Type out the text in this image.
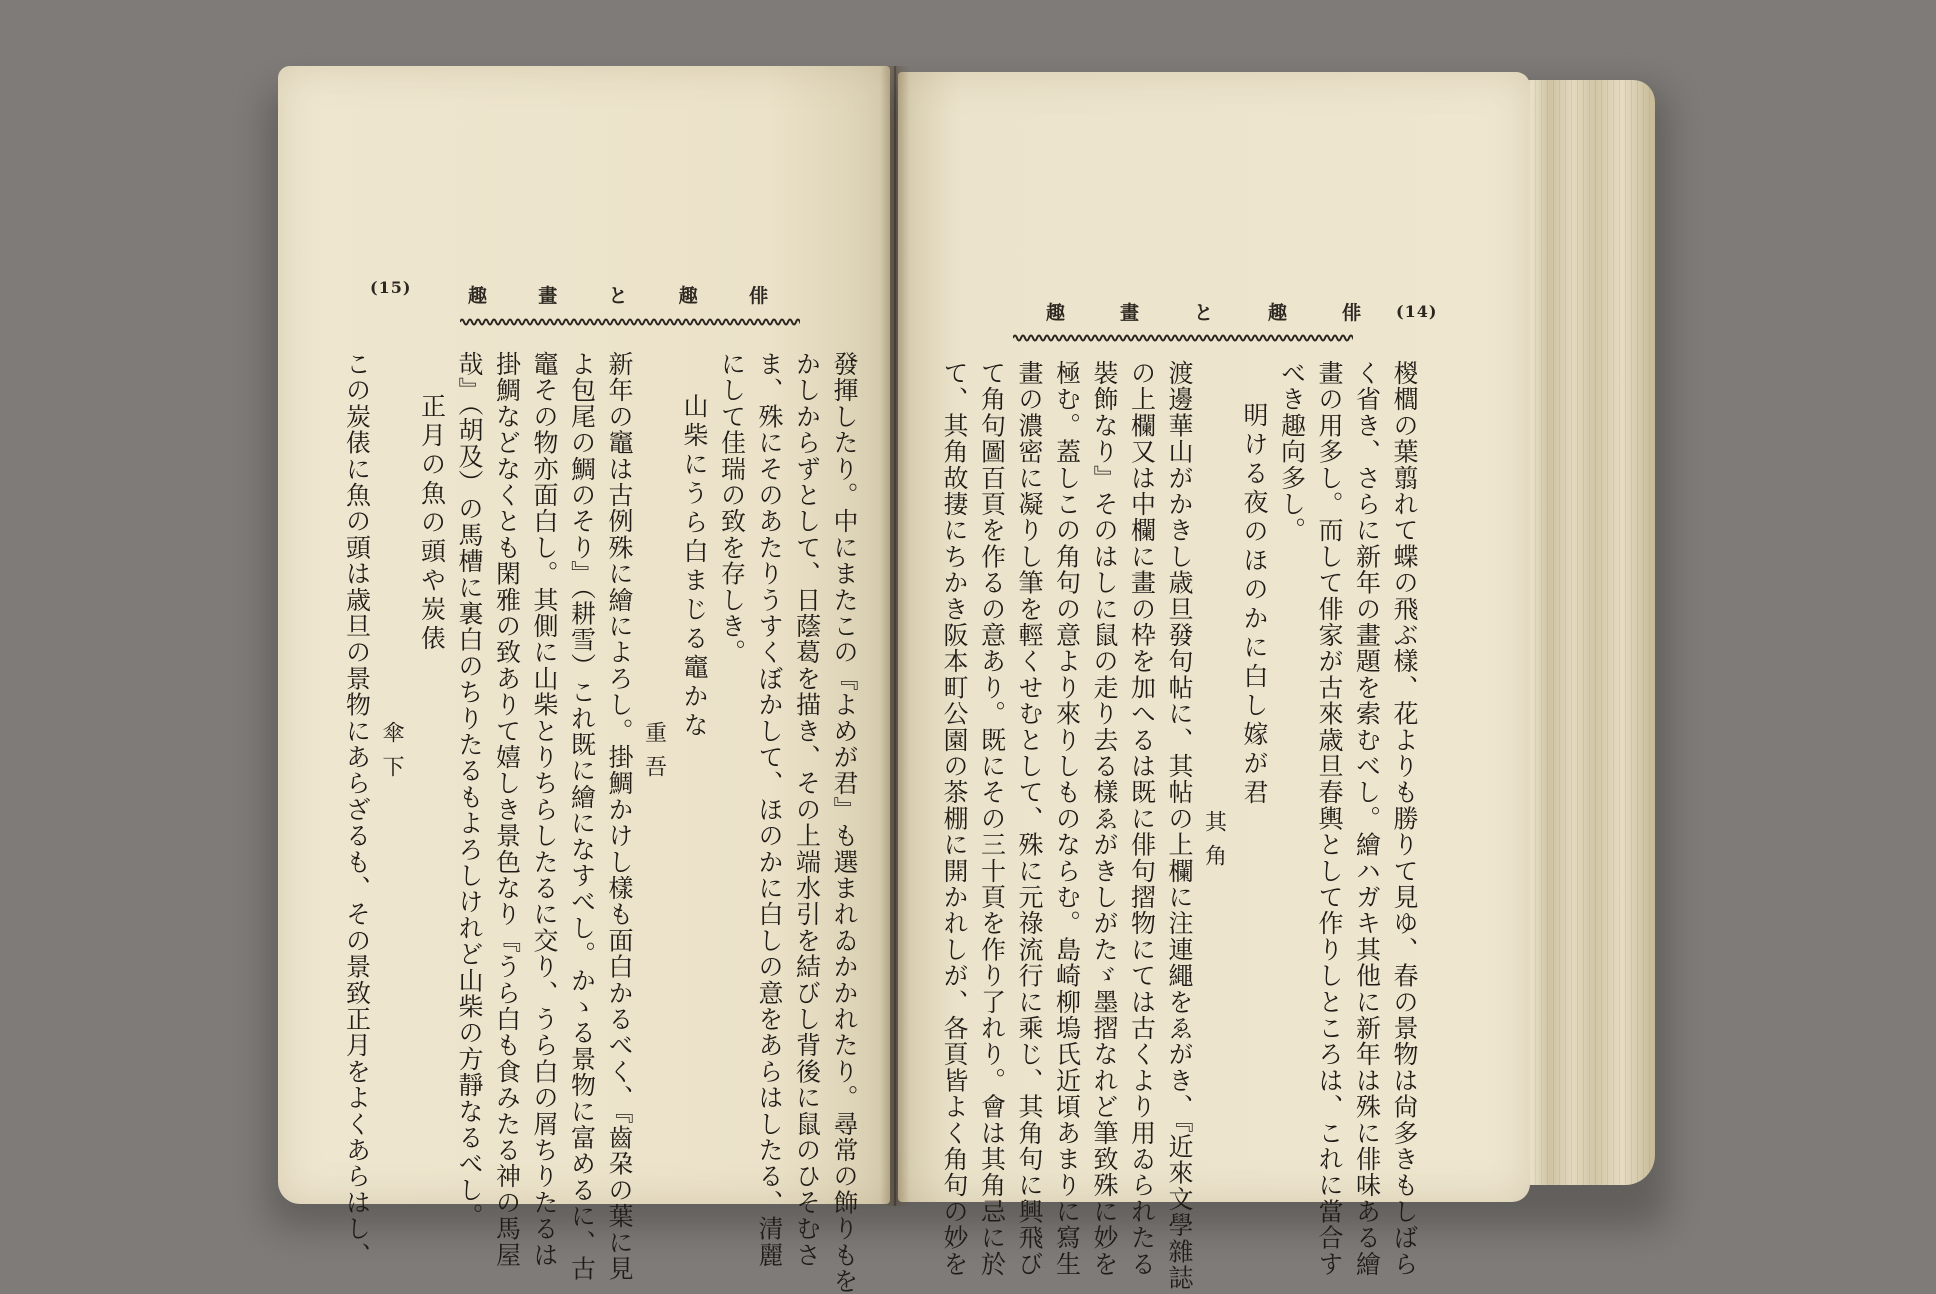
(15)	趣	畫	と	趣	俳
發揮したり。中にまたこの『よめが君』も選まれゐかかれたり。尋常の飾りもを
かしからずとして、日蔭葛を描き、その上端水引を結びし背後に鼠のひそむさ
ま、殊にそのあたりうすくぼかして、ほのかに白しの意をあらはしたる、清麗
にして佳瑞の致を存しき。
山柴にうら白まじる竈かな
重吾
新年の竈は古例殊に繪によろし。掛鯛かけし樣も面白かるべく、『齒朶の葉に見
よ包尾の鯛のそり』（耕雪）これ既に繪になすべし。かゝる景物に富めるに、古
竈その物亦面白し。其側に山柴とりちらしたるに交り、うら白の屑ちりたるは
掛鯛などなくとも閑雅の致ありて嬉しき景色なり『うら白も食みたる神の馬屋
哉』（胡及）の馬槽に裏白のちりたるもよろしけれど山柴の方靜なるべし。
正月の魚の頭や炭俵
傘下
この炭俵に魚の頭は歳旦の景物にあらざるも、その景致正月をよくあらはし、
(14)
趣	畫	と	趣	俳
椶櫚の葉翦れて蝶の飛ぶ樣、花よりも勝りて見ゆ、春の景物は尙多きもしばら
く省き、さらに新年の畫題を索むべし。繪ハガキ其他に新年は殊に俳味ある繪
畫の用多し。而して俳家が古來歳旦春輿として作りしところは、これに當合す
べき趣向多し。
明ける夜のほのかに白し嫁が君
其角
渡邊華山がかきし歳旦發句帖に、其帖の上欄に注連繩をゑがき、『近來文學雜誌
の上欄又は中欄に畫の枠を加へるは既に俳句摺物にては古くより用ゐられたる
裝飾なり』そのはしに鼠の走り去る樣ゑがきしがたゞ墨摺なれど筆致殊に妙を
極む。蓋しこの角句の意より來りしものならむ。島崎柳塢氏近頃あまりに寫生
畫の濃密に凝りし筆を輕くせむとして、殊に元祿流行に乘じ、其角句に興飛び
て角句圖百頁を作るの意あり。既にその三十頁を作り了れり。會は其角忌に於
て、其角故捿にちかき阪本町公園の茶棚に開かれしが、各頁皆よく角句の妙を
